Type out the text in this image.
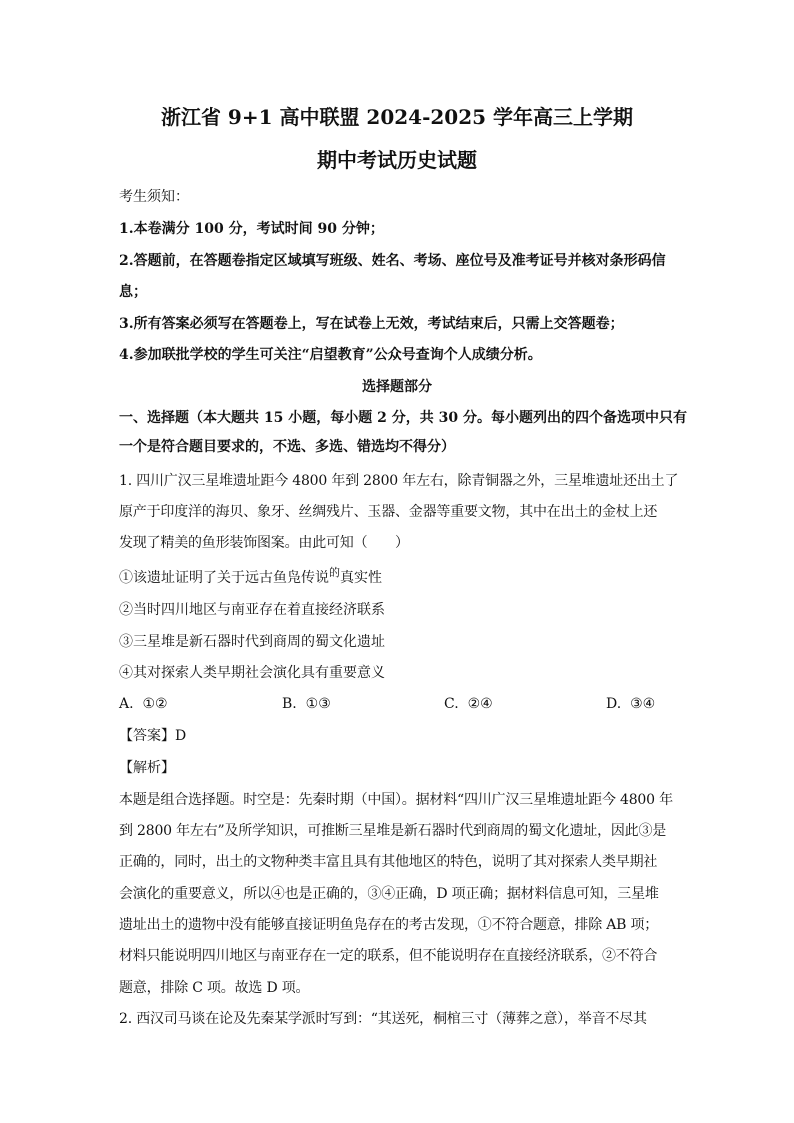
浙江省 9+1 高中联盟 2024-2025 学年高三上学期
期中考试历史试题
考生须知：
1.本卷满分 100 分，考试时间 90 分钟；
2.答题前，在答题卷指定区域填写班级、姓名、考场、座位号及准考证号并核对条形码信
息；
3.所有答案必须写在答题卷上，写在试卷上无效，考试结束后，只需上交答题卷；
4.参加联批学校的学生可关注“启望教育”公众号查询个人成绩分析。
选择题部分
一、选择题（本大题共 15 小题，每小题 2 分，共 30 分。每小题列出的四个备选项中只有
一个是符合题目要求的，不选、多选、错选均不得分）
1. 四川广汉三星堆遗址距今 4800 年到 2800 年左右，除青铜器之外，三星堆遗址还出土了
原产于印度洋的海贝、象牙、丝绸残片、玉器、金器等重要文物，其中在出土的金杖上还
发现了精美的鱼形装饰图案。由此可知（　　）
①该遗址证明了关于远古鱼凫传说$^的$真实性
②当时四川地区与南亚存在着直接经济联系
③三星堆是新石器时代到商周的蜀文化遗址
④其对探索人类早期社会演化具有重要意义
A. ①②	B. ①③	C. ②④	D. ③④
【答案】D
【解析】
本题是组合选择题。时空是：先秦时期（中国）。据材料“四川广汉三星堆遗址距今 4800 年
到 2800 年左右”及所学知识，可推断三星堆是新石器时代到商周的蜀文化遗址，因此③是
正确的，同时，出土的文物种类丰富且具有其他地区的特色，说明了其对探索人类早期社
会演化的重要意义，所以④也是正确的，③④正确，D 项正确；据材料信息可知，三星堆
遗址出土的遗物中没有能够直接证明鱼凫存在的考古发现，①不符合题意，排除 AB 项；
材料只能说明四川地区与南亚存在一定的联系，但不能说明存在直接经济联系，②不符合
题意，排除 C 项。故选 D 项。
2. 西汉司马谈在论及先秦某学派时写到：“其送死，桐棺三寸（薄葬之意），举音不尽其
